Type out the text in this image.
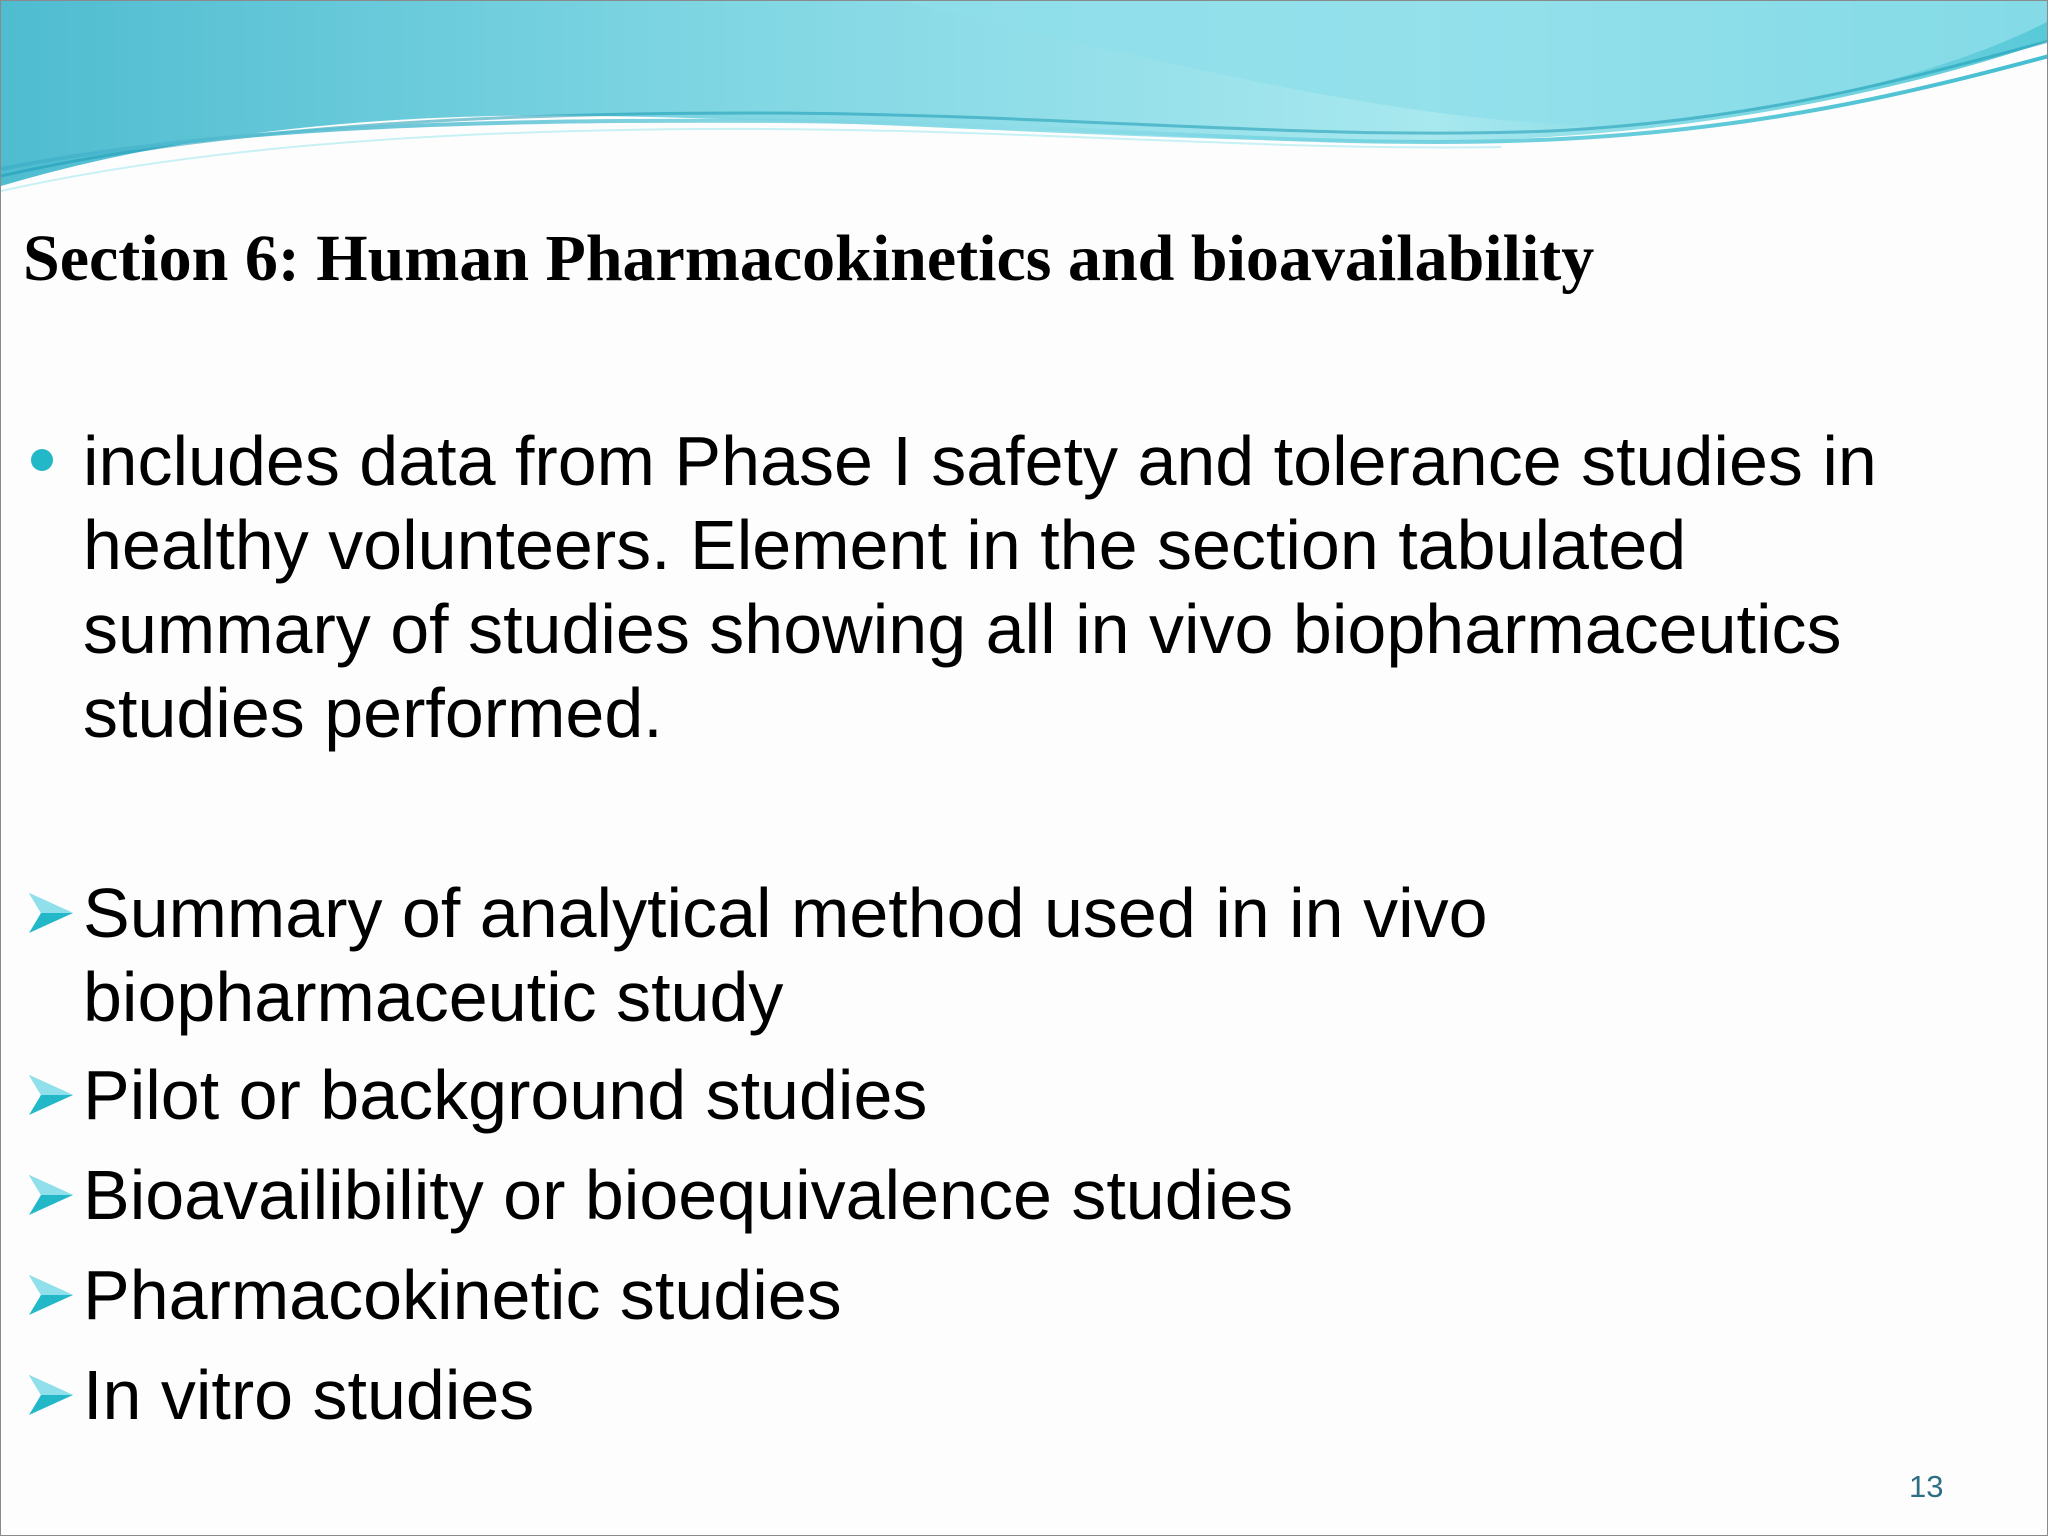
Section 6: Human Pharmacokinetics and bioavailability

includes data from Phase I safety and tolerance studies in healthy volunteers. Element in the section tabulated summary of studies showing all in vivo biopharmaceutics studies performed.

Summary of analytical method used in in vivo biopharmaceutic study

Pilot or background studies

Bioavailibility or bioequivalence studies

Pharmacokinetic studies

In vitro studies

13
